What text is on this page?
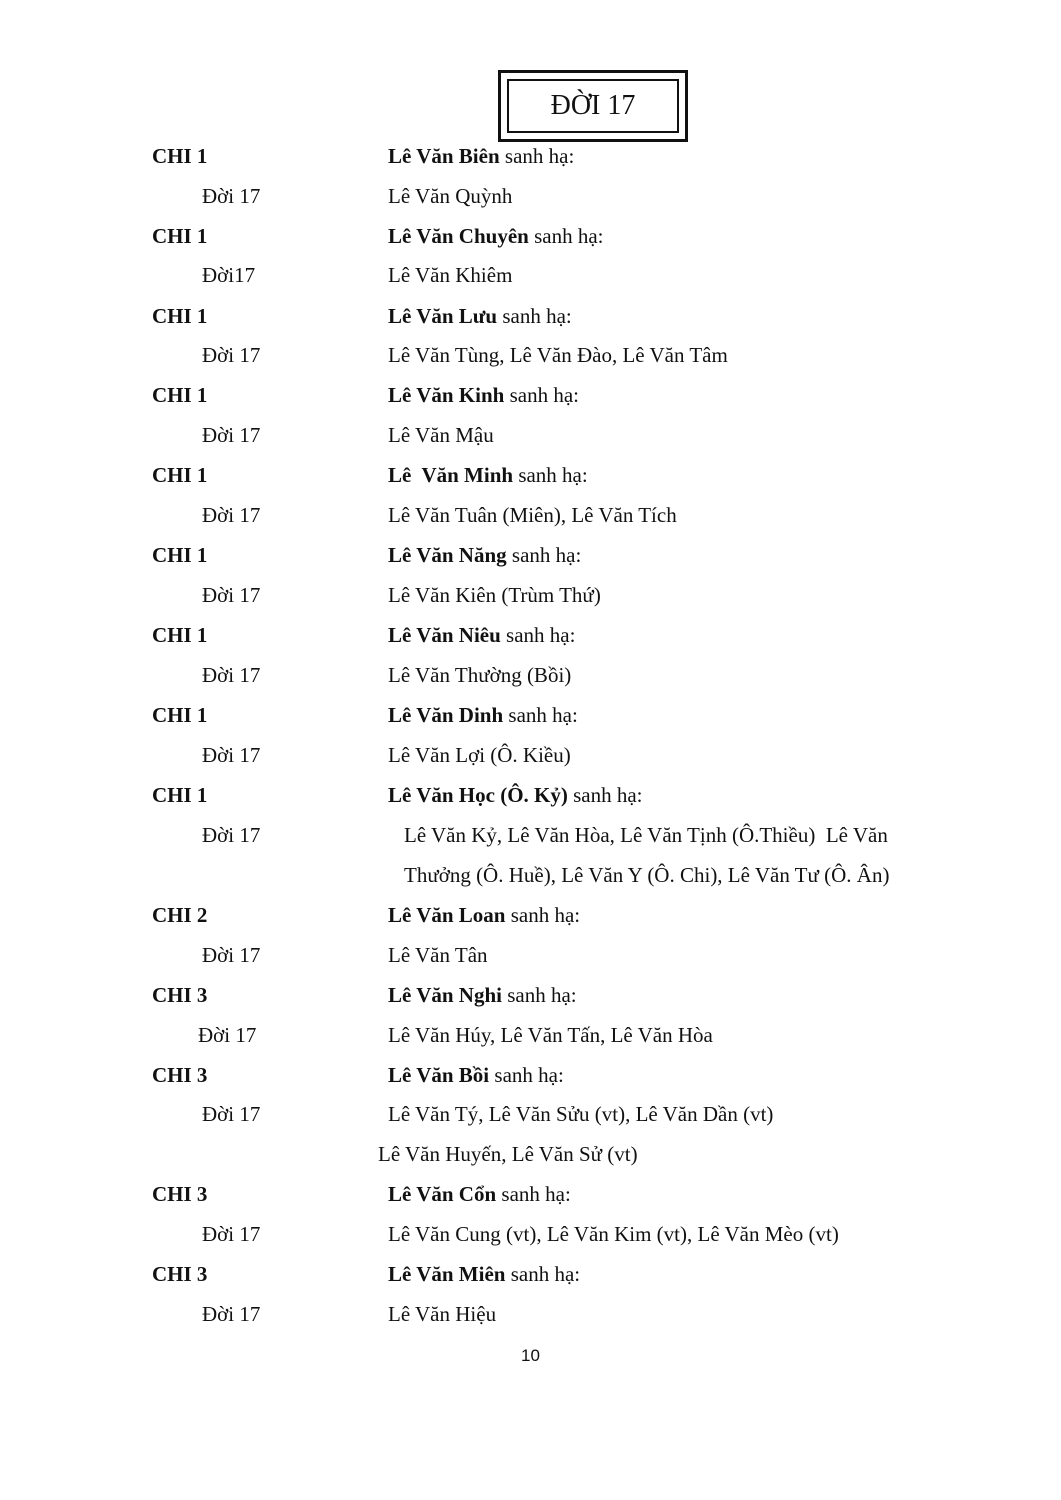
ĐỜI 17
CHI 1	Lê Văn Biên sanh hạ:
Đời 17	Lê Văn Quỳnh
CHI 1	Lê Văn Chuyên sanh hạ:
Đời17	Lê Văn Khiêm
CHI 1	Lê Văn Lưu sanh hạ:
Đời 17	Lê Văn Tùng, Lê Văn Đào, Lê Văn Tâm
CHI 1	Lê Văn Kinh sanh hạ:
Đời 17	Lê Văn Mậu
CHI 1	Lê  Văn Minh sanh hạ:
Đời 17	Lê Văn Tuân (Miên), Lê Văn Tích
CHI 1	Lê Văn Năng sanh hạ:
Đời 17	Lê Văn Kiên (Trùm Thứ)
CHI 1	Lê Văn Niêu sanh hạ:
Đời 17	Lê Văn Thường (Bồi)
CHI 1	Lê Văn Dinh sanh hạ:
Đời 17	Lê Văn Lợi (Ô. Kiều)
CHI 1	Lê Văn Học (Ô. Kỷ) sanh hạ:
Đời 17	Lê Văn Kỷ, Lê Văn Hòa, Lê Văn Tịnh (Ô.Thiều)  Lê Văn
Thưởng (Ô. Huề), Lê Văn Y (Ô. Chi), Lê Văn Tư (Ô. Ân)
CHI 2	Lê Văn Loan sanh hạ:
Đời 17	Lê Văn Tân
CHI 3	Lê Văn Nghi sanh hạ:
Đời 17	Lê Văn Húy, Lê Văn Tấn, Lê Văn Hòa
CHI 3	Lê Văn Bồi sanh hạ:
Đời 17	Lê Văn Tý, Lê Văn Sửu (vt), Lê Văn Dần (vt)
Lê Văn Huyến, Lê Văn Sử (vt)
CHI 3	Lê Văn Cổn sanh hạ:
Đời 17	Lê Văn Cung (vt), Lê Văn Kim (vt), Lê Văn Mèo (vt)
CHI 3	Lê Văn Miên sanh hạ:
Đời 17	Lê Văn Hiệu
10
